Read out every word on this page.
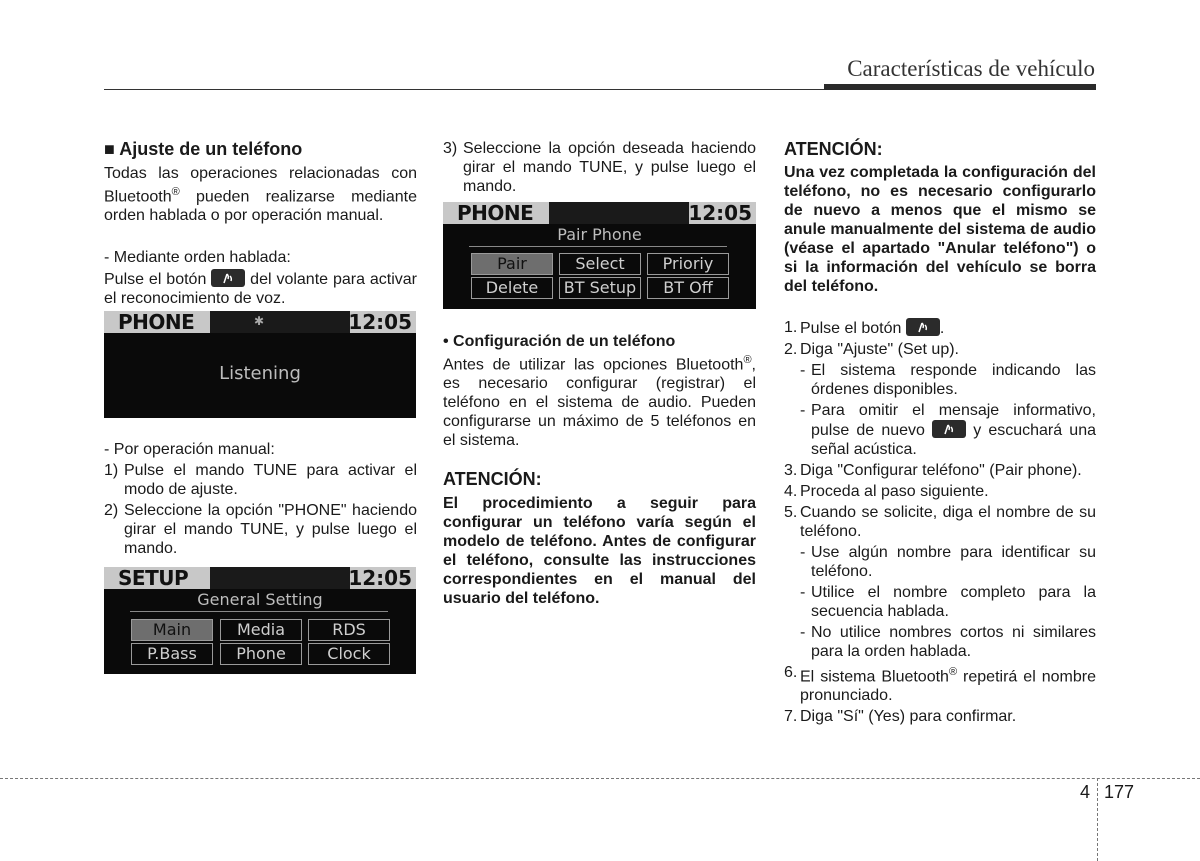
Características de vehículo

■ Ajuste de un teléfono

Todas las operaciones relacionadas con Bluetooth® pueden realizarse mediante orden hablada o por operación manual.

- Mediante orden hablada:

Pulse el botón
del volante para activar el reconocimiento de voz.

PHONE	✱	12:05
Listening

- Por operación manual:

1) Pulse el mando TUNE para activar el modo de ajuste.
2) Seleccione la opción "PHONE" haciendo girar el mando TUNE, y pulse luego el mando.
SETUP	12:05
General Setting
Main	Media	RDS
P.Bass	Phone	Clock
3) Seleccione la opción deseada haciendo girar el mando TUNE, y pulse luego el mando.
PHONE	12:05
Pair Phone
Pair	Select	Prioriy
Delete	BT Setup	BT Off

• Configuración de un teléfono

Antes de utilizar las opciones Bluetooth®, es necesario configurar (registrar) el teléfono en el sistema de audio. Pueden configurarse un máximo de 5 teléfonos en el sistema.

ATENCIÓN:

El procedimiento a seguir para configurar un teléfono varía según el modelo de teléfono. Antes de configurar el teléfono, consulte las instrucciones correspondientes en el manual del usuario del teléfono.

ATENCIÓN:

Una vez completada la configuración del teléfono, no es necesario configurarlo de nuevo a menos que el mismo se anule manualmente del sistema de audio (véase el apartado "Anular teléfono") o si la información del vehículo se borra del teléfono.

1. Pulse el botón
.
2. Diga "Ajuste" (Set up).
- El sistema responde indicando las órdenes disponibles.
- Para omitir el mensaje informativo, pulse de nuevo
y escuchará una señal acústica.
3. Diga "Configurar teléfono" (Pair phone).
4. Proceda al paso siguiente.
5. Cuando se solicite, diga el nombre de su teléfono.
- Use algún nombre para identificar su teléfono.
- Utilice el nombre completo para la secuencia hablada.
- No utilice nombres cortos ni similares para la orden hablada.
6. El sistema Bluetooth® repetirá el nombre pronunciado.
7. Diga "Sí" (Yes) para confirmar.
4 177
